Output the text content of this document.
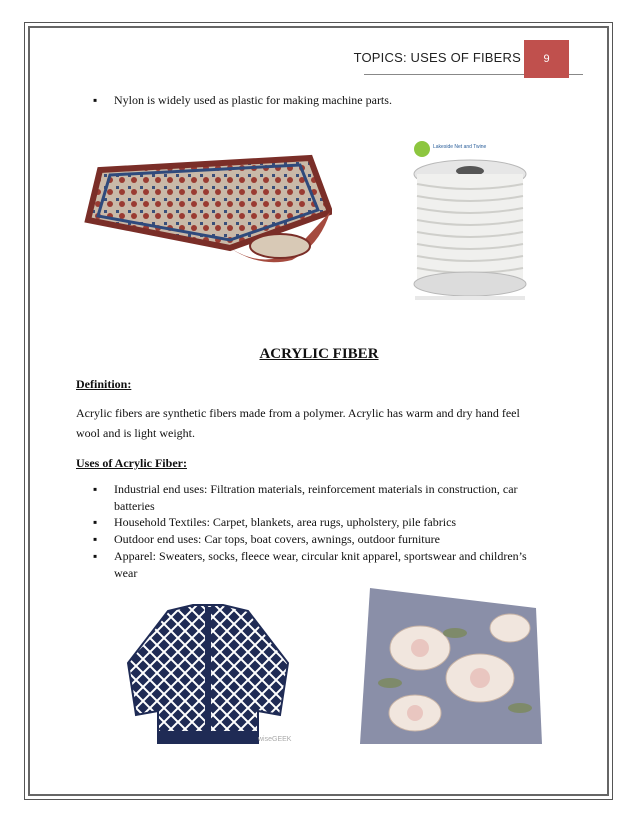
TOPICS: USES OF FIBERS	9
▪ Nylon is widely used as plastic for making machine parts.
Lakeside Net and Twine
ACRYLIC FIBER
Definition:
Acrylic fibers are synthetic fibers made from a polymer. Acrylic has warm and dry hand feel
wool and is light weight.
Uses of Acrylic Fiber:
▪ Industrial end uses: Filtration materials, reinforcement materials in construction, car
batteries
▪ Household Textiles: Carpet, blankets, area rugs, upholstery, pile fabrics
▪ Outdoor end uses: Car tops, boat covers, awnings, outdoor furniture
▪ Apparel: Sweaters, socks, fleece wear, circular knit apparel, sportswear and children’s
wear
wiseGEEK
